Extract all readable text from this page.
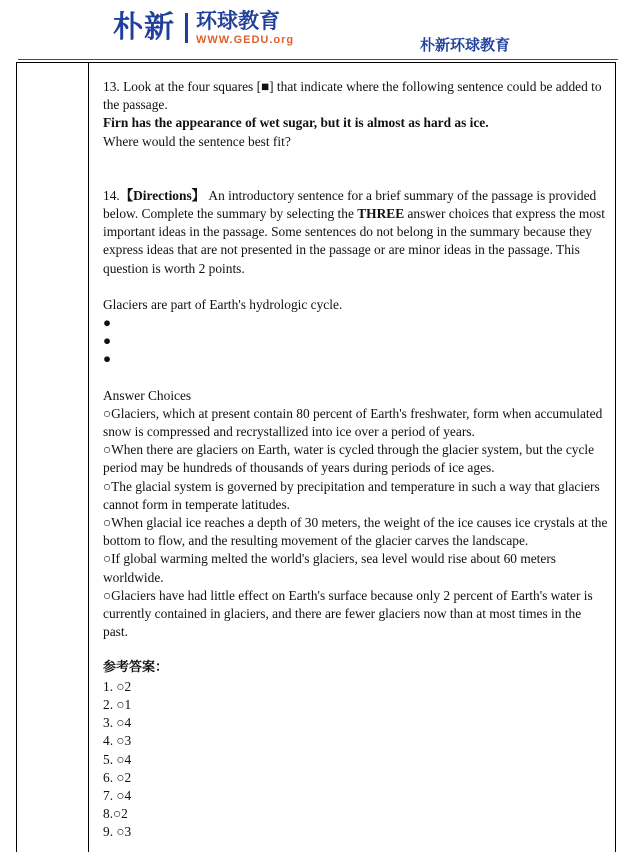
朴新 环球教育
WWW.GEDU.org	朴新环球教育

13. Look at the four squares [■] that indicate where the following sentence could be added to the passage.

Firn has the appearance of wet sugar, but it is almost as hard as ice.

Where would the sentence best fit?

14.【Directions】 An introductory sentence for a brief summary of the passage is provided below. Complete the summary by selecting the THREE answer choices that express the most important ideas in the passage. Some sentences do not belong in the summary because they express ideas that are not presented in the passage or are minor ideas in the passage. This question is worth 2 points.

Glaciers are part of Earth's hydrologic cycle.

●

●

●

Answer Choices

○Glaciers, which at present contain 80 percent of Earth's freshwater, form when accumulated snow is compressed and recrystallized into ice over a period of years.

○When there are glaciers on Earth, water is cycled through the glacier system, but the cycle period may be hundreds of thousands of years during periods of ice ages.

○The glacial system is governed by precipitation and temperature in such a way that glaciers cannot form in temperate latitudes.

○When glacial ice reaches a depth of 30 meters, the weight of the ice causes ice crystals at the bottom to flow, and the resulting movement of the glacier carves the landscape.

○If global warming melted the world's glaciers, sea level would rise about 60 meters worldwide.

○Glaciers have had little effect on Earth's surface because only 2 percent of Earth's water is currently contained in glaciers, and there are fewer glaciers now than at most times in the past.

参考答案：

1. ○2

2. ○1

3. ○4

4. ○3

5. ○4

6. ○2

7. ○4

8.○2

9. ○3
